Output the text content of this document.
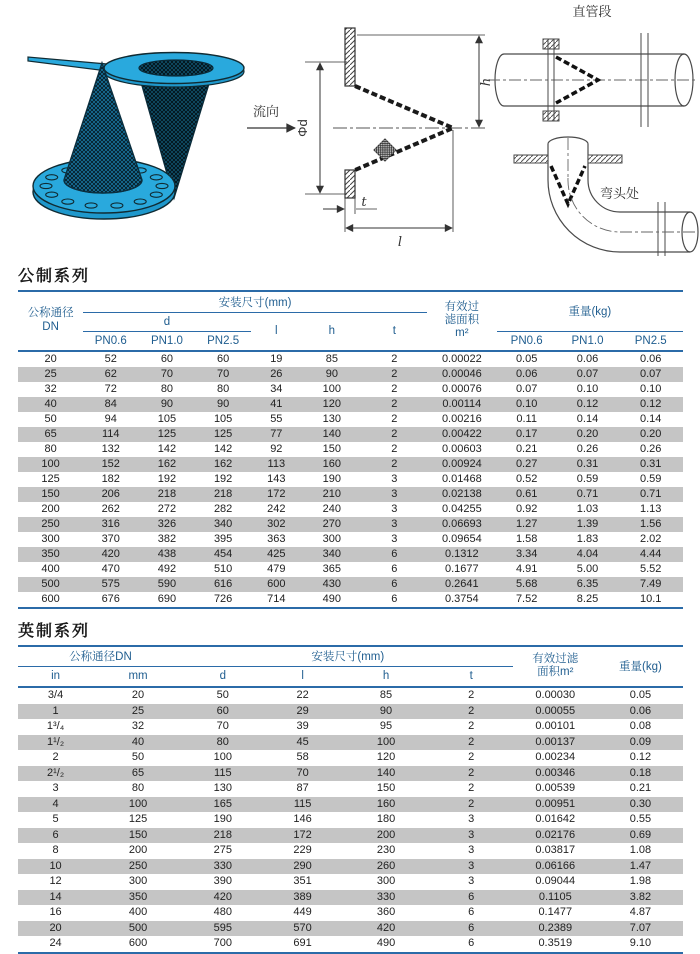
流向
Φd
h
t
l
直管段
弯头处
公制系列
公称通径
DN
	安装尺寸(mm)	有效过
滤面积
m²
	重量(kg)
	d			l	h	t				
	PN0.6	PN1.0	PN2.5					PN0.6	PN1.0	PN2.5
20	52	60	60	19	85	2	0.00022	0.05	0.06	0.06
25	62	70	70	26	90	2	0.00046	0.06	0.07	0.07
32	72	80	80	34	100	2	0.00076	0.07	0.10	0.10
40	84	90	90	41	120	2	0.00114	0.10	0.12	0.12
50	94	105	105	55	130	2	0.00216	0.11	0.14	0.14
65	114	125	125	77	140	2	0.00422	0.17	0.20	0.20
80	132	142	142	92	150	2	0.00603	0.21	0.26	0.26
100	152	162	162	113	160	2	0.00924	0.27	0.31	0.31
125	182	192	192	143	190	3	0.01468	0.52	0.59	0.59
150	206	218	218	172	210	3	0.02138	0.61	0.71	0.71
200	262	272	282	242	240	3	0.04255	0.92	1.03	1.13
250	316	326	340	302	270	3	0.06693	1.27	1.39	1.56
300	370	382	395	363	300	3	0.09654	1.58	1.83	2.02
350	420	438	454	425	340	6	0.1312	3.34	4.04	4.44
400	470	492	510	479	365	6	0.1677	4.91	5.00	5.52
500	575	590	616	600	430	6	0.2641	5.68	6.35	7.49
600	676	690	726	714	490	6	0.3754	7.52	8.25	10.1
英制系列
公称通径DN		安装尺寸(mm)				有效过滤
面积m²	重量(kg)
in	mm	d	l	h	t		
3/4	20	50	22	85	2	0.00030	0.05
1	25	60	29	90	2	0.00055	0.06
1³/₄	32	70	39	95	2	0.00101	0.08
1¹/₂	40	80	45	100	2	0.00137	0.09
2	50	100	58	120	2	0.00234	0.12
2¹/₂	65	115	70	140	2	0.00346	0.18
3	80	130	87	150	2	0.00539	0.21
4	100	165	115	160	2	0.00951	0.30
5	125	190	146	180	3	0.01642	0.55
6	150	218	172	200	3	0.02176	0.69
8	200	275	229	230	3	0.03817	1.08
10	250	330	290	260	3	0.06166	1.47
12	300	390	351	300	3	0.09044	1.98
14	350	420	389	330	6	0.1105	3.82
16	400	480	449	360	6	0.1477	4.87
20	500	595	570	420	6	0.2389	7.07
24	600	700	691	490	6	0.3519	9.10
